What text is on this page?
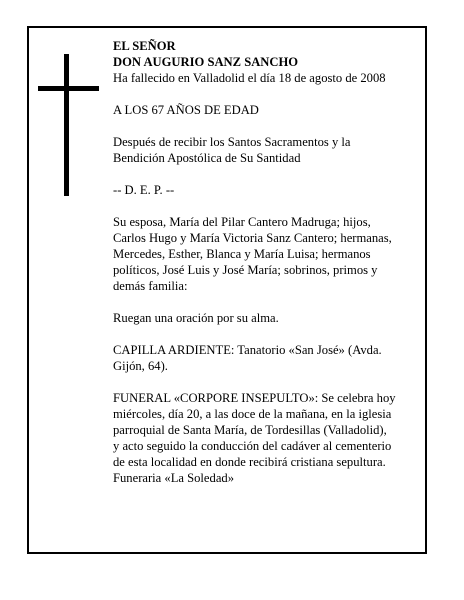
EL SEÑOR

DON AUGURIO SANZ SANCHO

Ha fallecido en Valladolid el día 18 de agosto de 2008

A LOS 67 AÑOS DE EDAD

Después de recibir los Santos Sacramentos y la

Bendición Apostólica de Su Santidad

-- D. E. P. --

Su esposa, María del Pilar Cantero Madruga; hijos,

Carlos Hugo y María Victoria Sanz Cantero; hermanas,

Mercedes, Esther, Blanca y María Luisa; hermanos

políticos, José Luis y José María; sobrinos, primos y

demás familia:

Ruegan una oración por su alma.

CAPILLA ARDIENTE: Tanatorio «San José» (Avda.

Gijón, 64).

FUNERAL «CORPORE INSEPULTO»: Se celebra hoy

miércoles, día 20, a las doce de la mañana, en la iglesia

parroquial de Santa María, de Tordesillas (Valladolid),

y acto seguido la conducción del cadáver al cementerio

de esta localidad en donde recibirá cristiana sepultura.

Funeraria «La Soledad»
